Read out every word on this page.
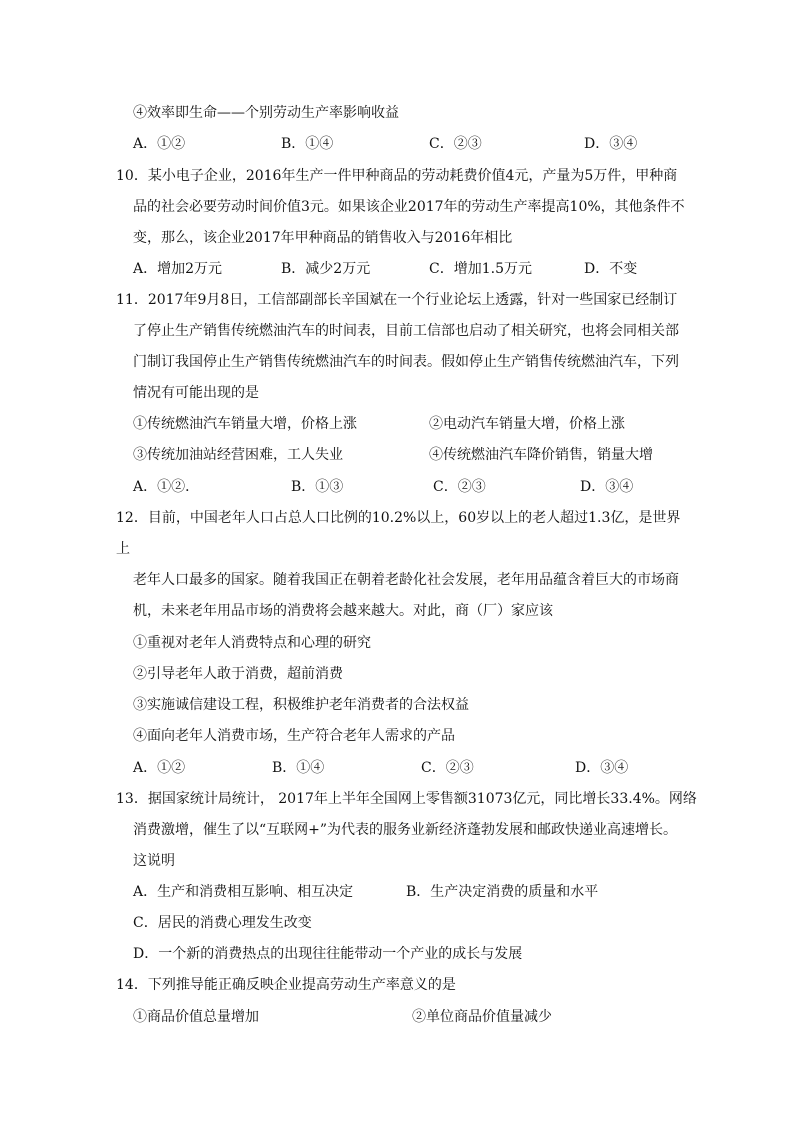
④效率即生命——个别劳动生产率影响收益
A．①②	B．①④	C．②③	D．③④
10．某小电子企业，2016年生产一件甲种商品的劳动耗费价值4元，产量为5万件，甲种商
品的社会必要劳动时间价值3元。如果该企业2017年的劳动生产率提高10%，其他条件不
变，那么，该企业2017年甲种商品的销售收入与2016年相比
A．增加2万元	B．减少2万元	C．增加1.5万元	D．不变
11．2017年9月8日，工信部副部长辛国斌在一个行业论坛上透露，针对一些国家已经制订
了停止生产销售传统燃油汽车的时间表，目前工信部也启动了相关研究，也将会同相关部
门制订我国停止生产销售传统燃油汽车的时间表。假如停止生产销售传统燃油汽车，下列
情况有可能出现的是
①传统燃油汽车销量大增，价格上涨	②电动汽车销量大增，价格上涨
③传统加油站经营困难，工人失业	④传统燃油汽车降价销售，销量大增
A．①②．	B．①③	C．②③	D．③④
12．目前，中国老年人口占总人口比例的10.2%以上，60岁以上的老人超过1.3亿，是世界
上
老年人口最多的国家。随着我国正在朝着老龄化社会发展，老年用品蕴含着巨大的市场商
机，未来老年用品市场的消费将会越来越大。对此，商（厂）家应该
①重视对老年人消费特点和心理的研究
②引导老年人敢于消费，超前消费
③实施诚信建设工程，积极维护老年消费者的合法权益
④面向老年人消费市场，生产符合老年人需求的产品
A．①②	B．①④	C．②③	D．③④
13．据国家统计局统计， 2017年上半年全国网上零售额31073亿元，同比增长33.4%。网络
消费激增，催生了以“互联网+”为代表的服务业新经济蓬勃发展和邮政快递业高速增长。
这说明
A．生产和消费相互影响、相互决定	B．生产决定消费的质量和水平
C．居民的消费心理发生改变
D．一个新的消费热点的出现往往能带动一个产业的成长与发展
14．下列推导能正确反映企业提高劳动生产率意义的是
①商品价值总量增加	②单位商品价值量减少
